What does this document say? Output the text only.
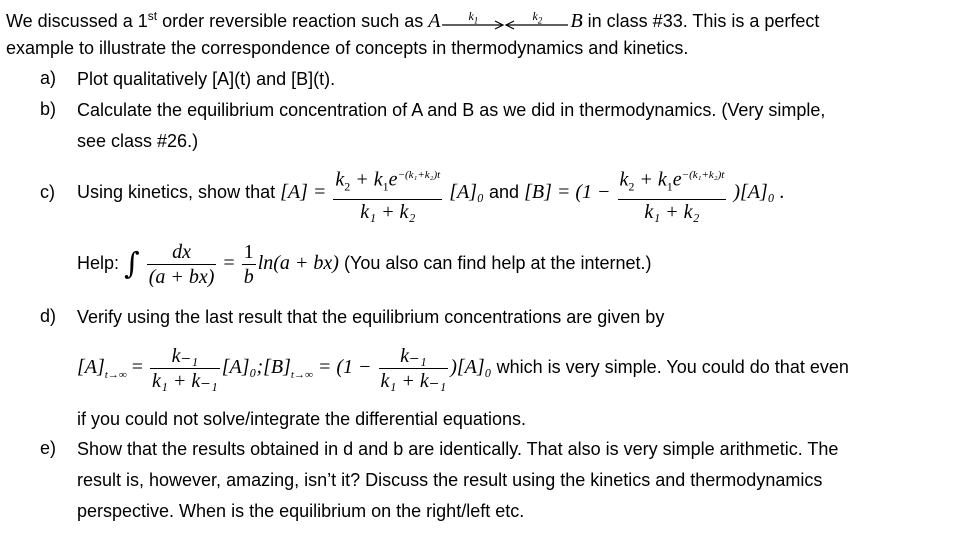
We discussed a 1st order reversible reaction such as A $k_1$	$k_2$ B in class #33. This is a perfect
example to illustrate the correspondence of concepts in thermodynamics and kinetics.
a) Plot qualitatively [A](t) and [B](t).
b) Calculate the equilibrium concentration of A and B as we did in thermodynamics. (Very simple,
see class #26.)
c) Using kinetics, show that $[A] = \frac{k_2 + k_1e^{-(k_1+k_2)t}}{\text{k₁ + k₂}} [A]_0$ and $[B] = (1 - \frac{k_2 + k_1e^{-(k_1+k_2)t}}{\text{k₁ + k₂}} )[A]_0$ .
Help: ∫ $\frac{dx}{(a + bx)} = \frac{1}{b} \ln(a + bx)$ (You also can find help at the internet.)
d) Verify using the last result that the equilibrium concentrations are given by
$[A]_{t\to\infty} = \frac{\text{k₋₁}}{\text{k₁ + k₋₁}}$ $[A]_0;[B]_{t\to\infty} = (1 - \frac{\text{k₋₁}}{\text{k₁ + k₋₁}} )[A]_0$ which is very simple. You could do that even
if you could not solve/integrate the differential equations.
e) Show that the results obtained in d and b are identically. That also is very simple arithmetic. The
result is, however, amazing, isn’t it? Discuss the result using the kinetics and thermodynamics
perspective. When is the equilibrium on the right/left etc.
